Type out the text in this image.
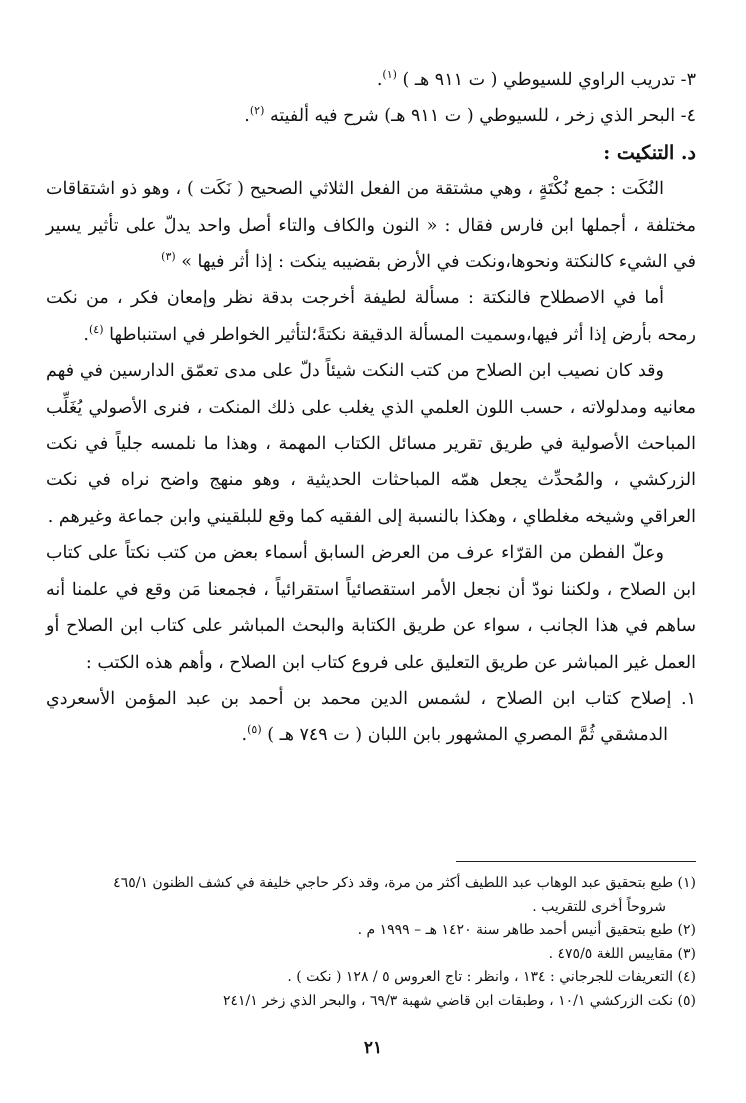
٣- تدريب الراوي للسيوطي ( ت ٩١١ هـ ) $^{(١)}$.

٤- البحر الذي زخر ، للسيوطي ( ت ٩١١ هـ) شرح فيه ألفيته $^{(٢)}$.

د. التنكيت :

النُكَت : جمع نُكْتَةٍ ، وهي مشتقة من الفعل الثلاثي الصحيح ( نَكَت ) ، وهو ذو اشتقاقات مختلفة ، أجملها ابن فارس فقال : « النون والكاف والتاء أصل واحد يدلّ على تأثير يسير في الشيء كالنكتة ونحوها،ونكت في الأرض بقضيبه ينكت : إذا أثر فيها » $^{(٣)}$

أما في الاصطلاح فالنكتة : مسألة لطيفة أخرجت بدقة نظر وإمعان فكر ، من نكت رمحه بأرض إذا أثر فيها،وسميت المسألة الدقيقة نكتةً؛لتأثير الخواطر في استنباطها $^{(٤)}$.

وقد كان نصيب ابن الصلاح من كتب النكت شيئاً دلّ على مدى تعمّق الدارسين في فهم معانيه ومدلولاته ، حسب اللون العلمي الذي يغلب على ذلك المنكت ، فنرى الأصولي يُغَلِّب المباحث الأصولية في طريق تقرير مسائل الكتاب المهمة ، وهذا ما نلمسه جلياً في نكت الزركشي ، والمُحدِّث يجعل همّه المباحثات الحديثية ، وهو منهج واضح نراه في نكت العراقي وشيخه مغلطاي ، وهكذا بالنسبة إلى الفقيه كما وقع للبلقيني وابن جماعة وغيرهم .

وعلّ الفطن من القرّاء عرف من العرض السابق أسماء بعض من كتب نكتاً على كتاب ابن الصلاح ، ولكننا نودّ أن نجعل الأمر استقصائياً استقرائياً ، فجمعنا مَن وقع في علمنا أنه ساهم في هذا الجانب ، سواء عن طريق الكتابة والبحث المباشر على كتاب ابن الصلاح أو العمل غير المباشر عن طريق التعليق على فروع كتاب ابن الصلاح ، وأهم هذه الكتب :

١. إصلاح كتاب ابن الصلاح ، لشمس الدين محمد بن أحمد بن عبد المؤمن الأسعردي الدمشقي ثُمَّ المصري المشهور بابن اللبان ( ت ٧٤٩ هـ ) $^{(٥)}$.

(١) طبع بتحقيق عبد الوهاب عبد اللطيف أكثر من مرة، وقد ذكر حاجي خليفة في كشف الظنون ٤٦٥/١

شروحاً أخرى للتقريب .

(٢) طبع بتحقيق أنيس أحمد طاهر سنة ١٤٢٠ هـ – ١٩٩٩ م .

(٣) مقاييس اللغة ٤٧٥/٥ .

(٤) التعريفات للجرجاني : ١٣٤ ، وانظر : تاج العروس ٥ / ١٢٨ ( نكت ) .

(٥) نكت الزركشي ١٠/١ ، وطبقات ابن قاضي شهبة ٦٩/٣ ، والبحر الذي زخر ٢٤١/١

٢١
